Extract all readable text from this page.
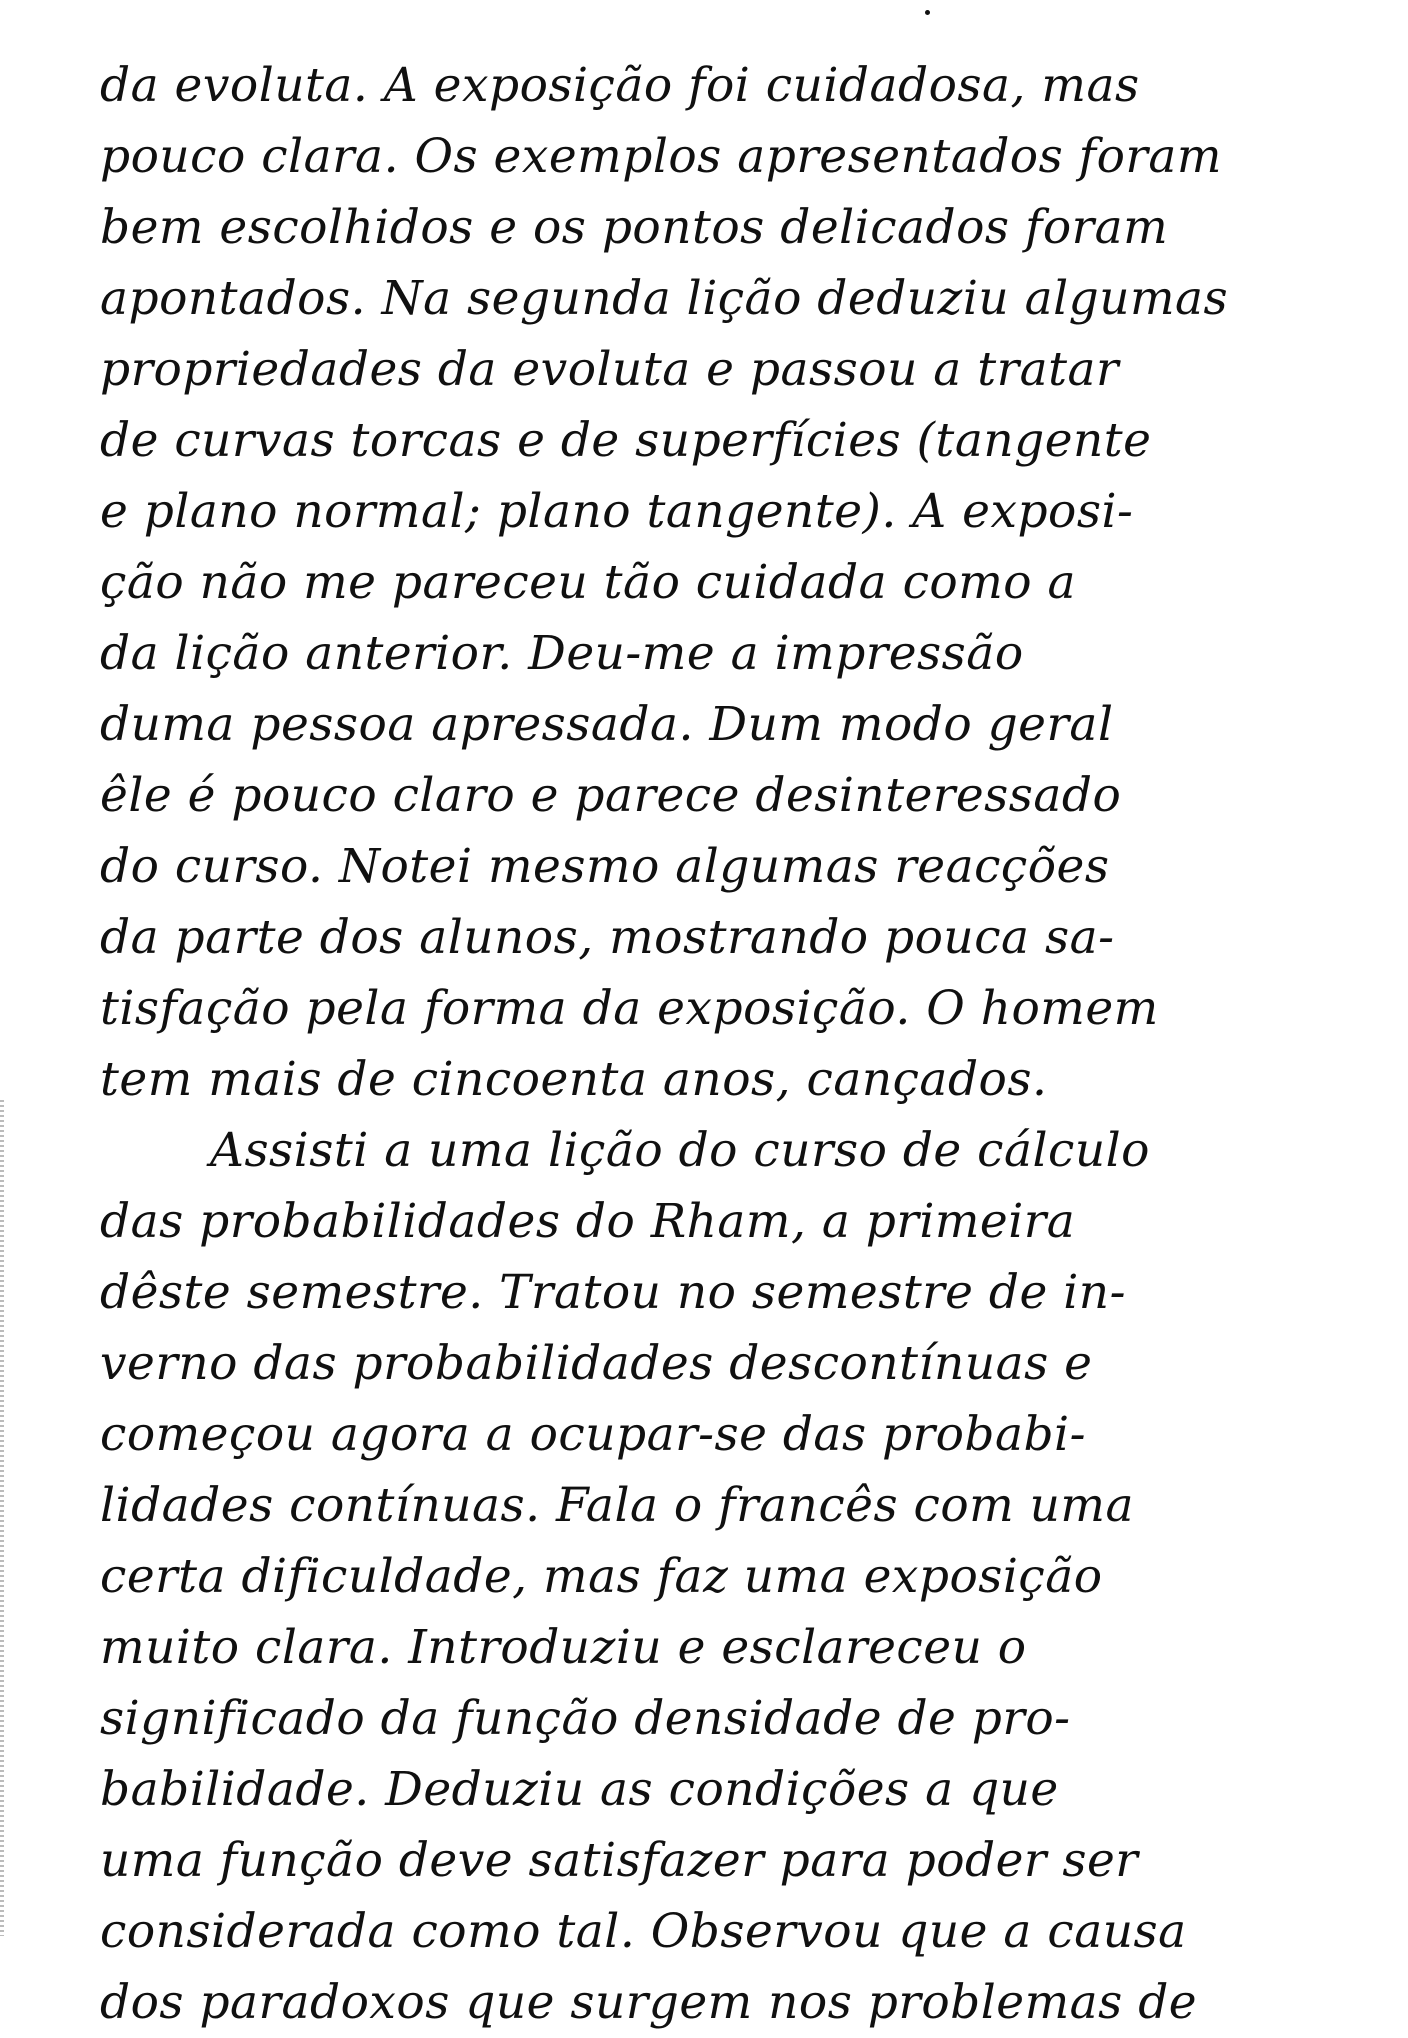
da evoluta. A exposição foi cuidadosa, mas
pouco clara. Os exemplos apresentados foram
bem escolhidos e os pontos delicados foram
apontados. Na segunda lição deduziu algumas
propriedades da evoluta e passou a tratar
de curvas torcas e de superfícies (tangente
e plano normal; plano tangente). A exposi-
ção não me pareceu tão cuidada como a
da lição anterior. Deu-me a impressão
duma pessoa apressada. Dum modo geral
êle é pouco claro e parece desinteressado
do curso. Notei mesmo algumas reacções
da parte dos alunos, mostrando pouca sa-
tisfação pela forma da exposição. O homem
tem mais de cincoenta anos, cançados.
Assisti a uma lição do curso de cálculo
das probabilidades do Rham, a primeira
dêste semestre. Tratou no semestre de in-
verno das probabilidades descontínuas e
começou agora a ocupar-se das probabi-
lidades contínuas. Fala o francês com uma
certa dificuldade, mas faz uma exposição
muito clara. Introduziu e esclareceu o
significado da função densidade de pro-
babilidade. Deduziu as condições a que
uma função deve satisfazer para poder ser
considerada como tal. Observou que a causa
dos paradoxos que surgem nos problemas de
